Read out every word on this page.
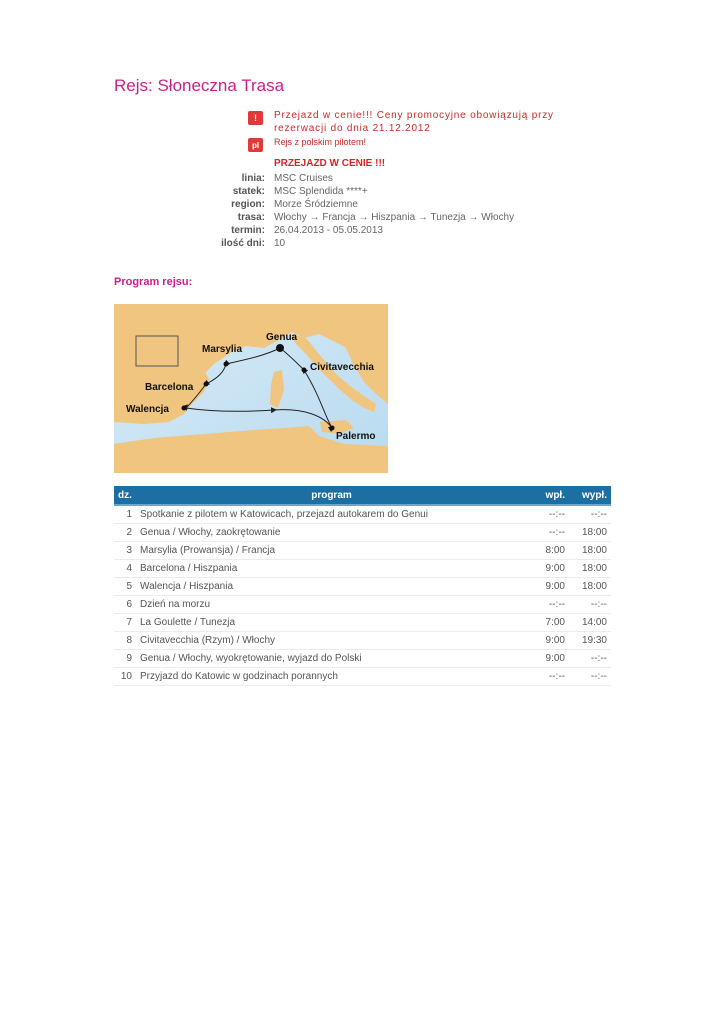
Rejs: Słoneczna Trasa
!	Przejazd w cenie!!! Ceny promocyjne obowiązują przy rezerwacji do dnia 21.12.2012
pl	Rejs z polskim pilotem!
PRZEJAZD W CENIE !!!
linia: MSC Cruises
statek: MSC Splendida ****+
region: Morze Śródziemne
trasa: Włochy → Francja → Hiszpania → Tunezja → Włochy
termin: 26.04.2013 - 05.05.2013
ilość dni: 10
Program rejsu:
Genua
Marsylia
Civitavecchia
Barcelona
Walencja
Palermo
dz.	program	wpł.	wypł.
1	Spotkanie z pilotem w Katowicach, przejazd autokarem do Genui	--:--	--:--
2	Genua / Włochy, zaokrętowanie	--:--	18:00
3	Marsylia (Prowansja) / Francja	8:00	18:00
4	Barcelona / Hiszpania	9:00	18:00
5	Walencja / Hiszpania	9:00	18:00
6	Dzień na morzu	--:--	--:--
7	La Goulette / Tunezja	7:00	14:00
8	Civitavecchia (Rzym) / Włochy	9:00	19:30
9	Genua / Włochy, wyokrętowanie, wyjazd do Polski	9:00	--:--
10	Przyjazd do Katowic w godzinach porannych	--:--	--:--
